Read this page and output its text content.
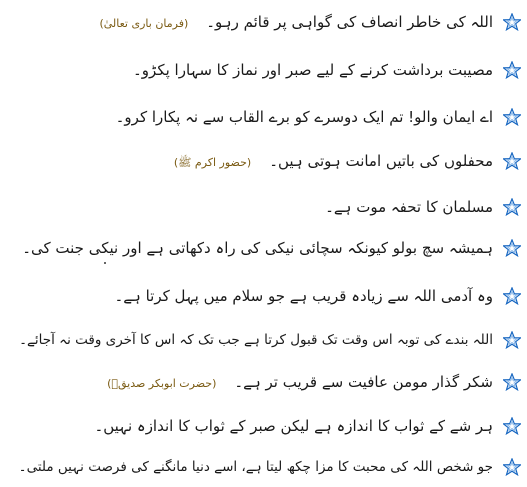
اللہ کی خاطر انصاف کی گواہی پر قائم رہو۔(فرمان باری تعالیٰ)
مصیبت برداشت کرنے کے لیے صبر اور نماز کا سہارا پکڑو۔
اے ایمان والو! تم ایک دوسرے کو برے القاب سے نہ پکارا کرو۔
محفلوں کی باتیں امانت ہوتی ہیں۔(حضور اکرم ﷺ)
مسلمان کا تحفہ موت ہے۔
ہمیشہ سچ بولو کیونکہ سچائی نیکی کی راہ دکھاتی ہے اور نیکی جنت کی۔
وہ آدمی اللہ سے زیادہ قریب ہے جو سلام میں پہل کرتا ہے۔
اللہ بندے کی توبہ اس وقت تک قبول کرتا ہے جب تک کہ اس کا آخری وقت نہ آجائے۔
شکر گذار مومن عافیت سے قریب تر ہے۔(حضرت ابوبکر صدیقؓ)
ہر شے کے ثواب کا اندازہ ہے لیکن صبر کے ثواب کا اندازہ نہیں۔
جو شخص اللہ کی محبت کا مزا چکھ لیتا ہے، اسے دنیا مانگنے کی فرصت نہیں ملتی۔
